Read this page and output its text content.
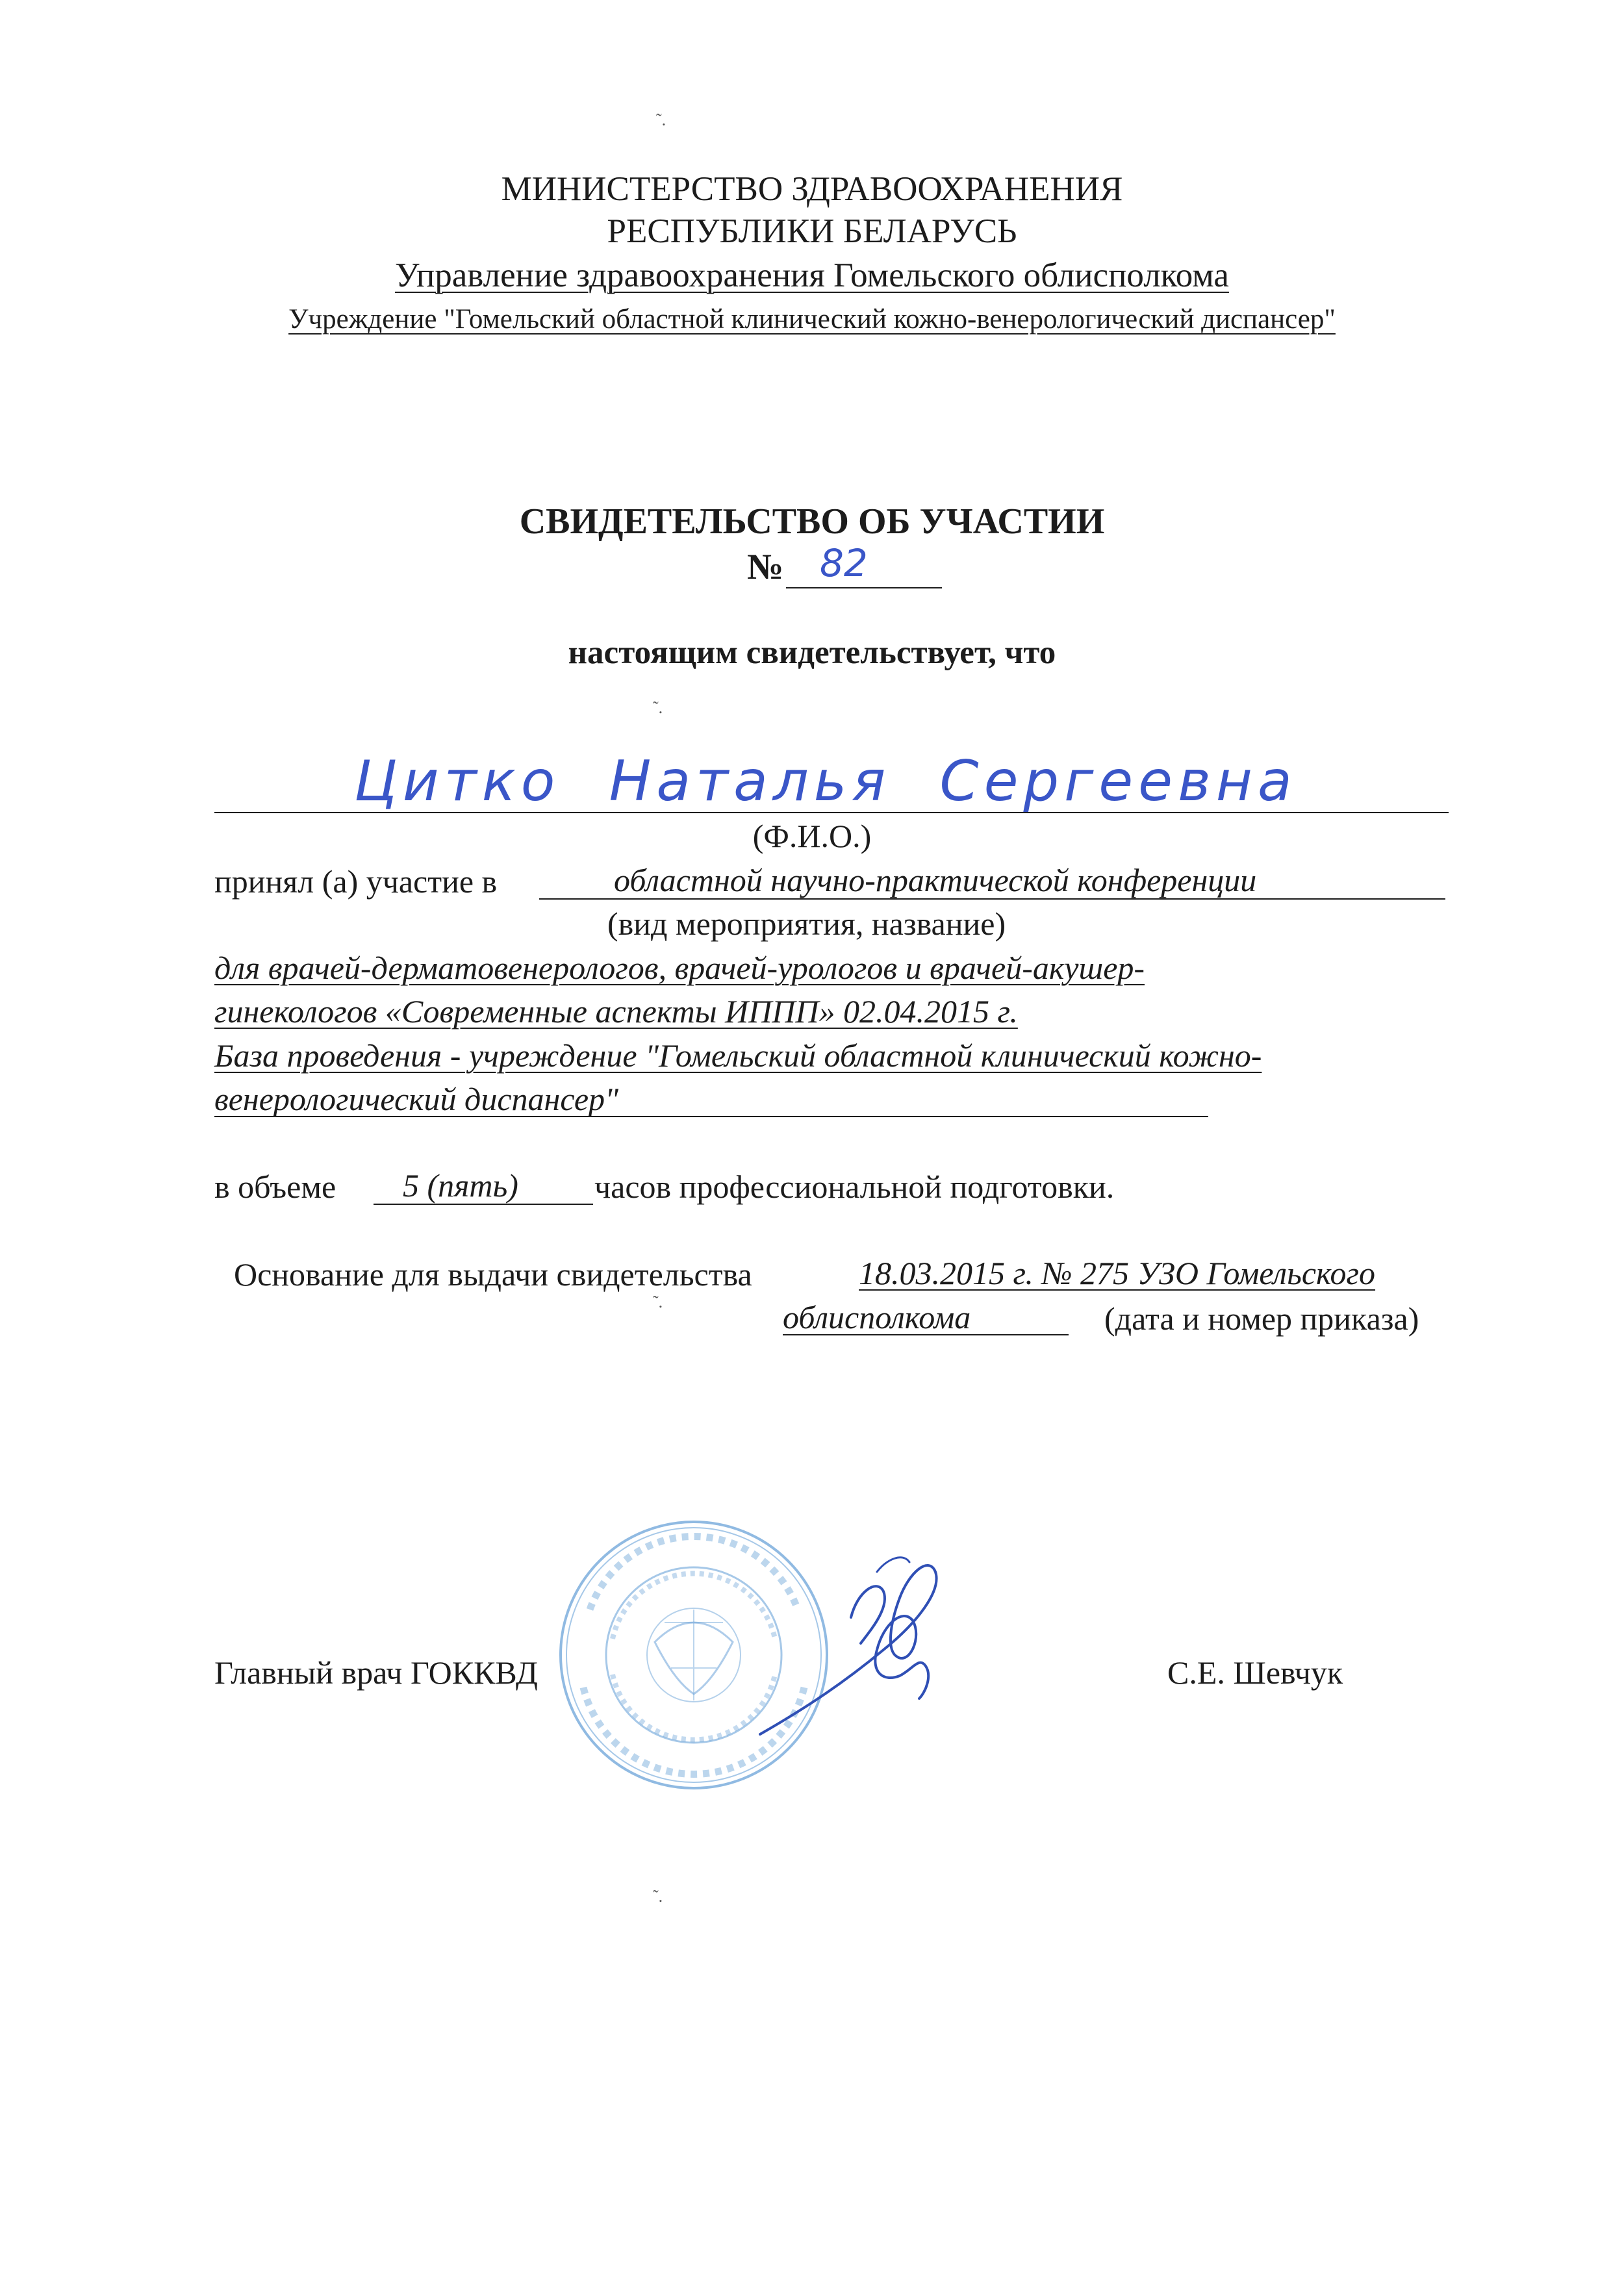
МИНИСТЕРСТВО ЗДРАВООХРАНЕНИЯ
РЕСПУБЛИКИ БЕЛАРУСЬ
Управление здравоохранения Гомельского облисполкома
Учреждение "Гомельский областной клинический кожно-венерологический диспансер"
СВИДЕТЕЛЬСТВО ОБ УЧАСТИИ
№ 82
настоящим свидетельствует, что
Цитко Наталья Сергеевна
(Ф.И.О.)
принял (а) участие в	областной научно-практической конференции
(вид мероприятия, название)
для врачей-дерматовенерологов, врачей-урологов и врачей-акушер-
гинекологов «Современные аспекты ИППП» 02.04.2015 г.
База проведения - учреждение "Гомельский областной клинический кожно-
венерологический диспансер"
в объеме 5 (пять) часов профессиональной подготовки.
Основание для выдачи свидетельства	18.03.2015 г. № 275 УЗО Гомельского
облисполкома	(дата и номер приказа)
Главный врач ГОККВД	С.Е. Шевчук
˜.
˜.
˜.
˜.
